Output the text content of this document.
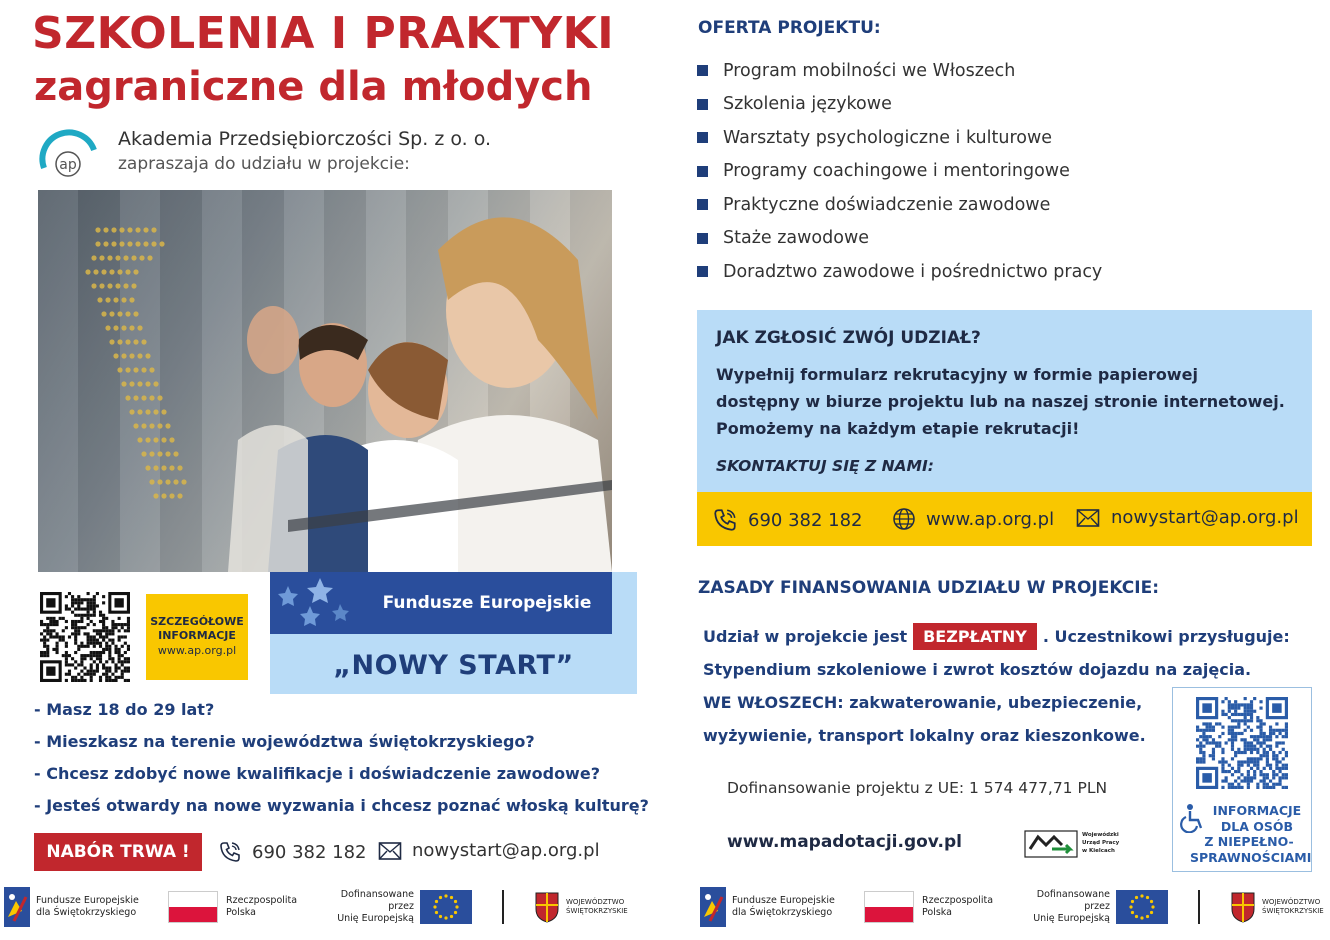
SZKOLENIA I PRAKTYKI
zagraniczne dla młodych
ap
Akademia Przedsiębiorczości Sp. z o. o.
zapraszaja do udziału w projekcie:
SZCZEGÓŁOWE
INFORMACJE
www.ap.org.pl
Fundusze Europejskie
„NOWY START”
- Masz 18 do 29 lat?
- Mieszkasz na terenie województwa świętokrzyskiego?
- Chcesz zdobyć nowe kwalifikacje i doświadczenie zawodowe?
- Jesteś otwardy na nowe wyzwania i chcesz poznać włoską kulturę?
NABÓR TRWA !	690 382 182	nowystart@ap.org.pl
OFERTA PROJEKTU:
Program mobilności we Włoszech
Szkolenia językowe
Warsztaty psychologiczne i kulturowe
Programy coachingowe i mentoringowe
Praktyczne doświadczenie zawodowe
Staże zawodowe
Doradztwo zawodowe i pośrednictwo pracy
JAK ZGŁOSIĆ ZWÓJ UDZIAŁ?
Wypełnij formularz rekrutacyjny w formie papierowej
dostępny w biurze projektu lub na naszej stronie internetowej.
Pomożemy na każdym etapie rekrutacji!
SKONTAKTUJ SIĘ Z NAMI:
690 382 182	www.ap.org.pl	nowystart@ap.org.pl
ZASADY FINANSOWANIA UDZIAŁU W PROJEKCIE:
Udział w projekcie jest	BEZPŁATNY	. Uczestnikowi przysługuje:
Stypendium szkoleniowe i zwrot kosztów dojazdu na zajęcia.
WE WŁOSZECH: zakwaterowanie, ubezpieczenie,
wyżywienie, transport lokalny oraz kieszonkowe.
Dofinansowanie projektu z UE: 1 574 477,71 PLN
www.mapadotacji.gov.pl	Wojewódzki
Urząd Pracy
w Kielcach
INFORMACJE
DLA OSÓB
Z NIEPEŁNO-
SPRAWNOŚCIAMI
Fundusze Europejskie
dla Świętokrzyskiego
Rzeczpospolita
Polska
Dofinansowane przez
Unię Europejską
WOJEWÓDZTWO
ŚWIĘTOKRZYSKIE
Fundusze Europejskie
dla Świętokrzyskiego
Rzeczpospolita
Polska
Dofinansowane przez
Unię Europejską
WOJEWÓDZTWO
ŚWIĘTOKRZYSKIE
